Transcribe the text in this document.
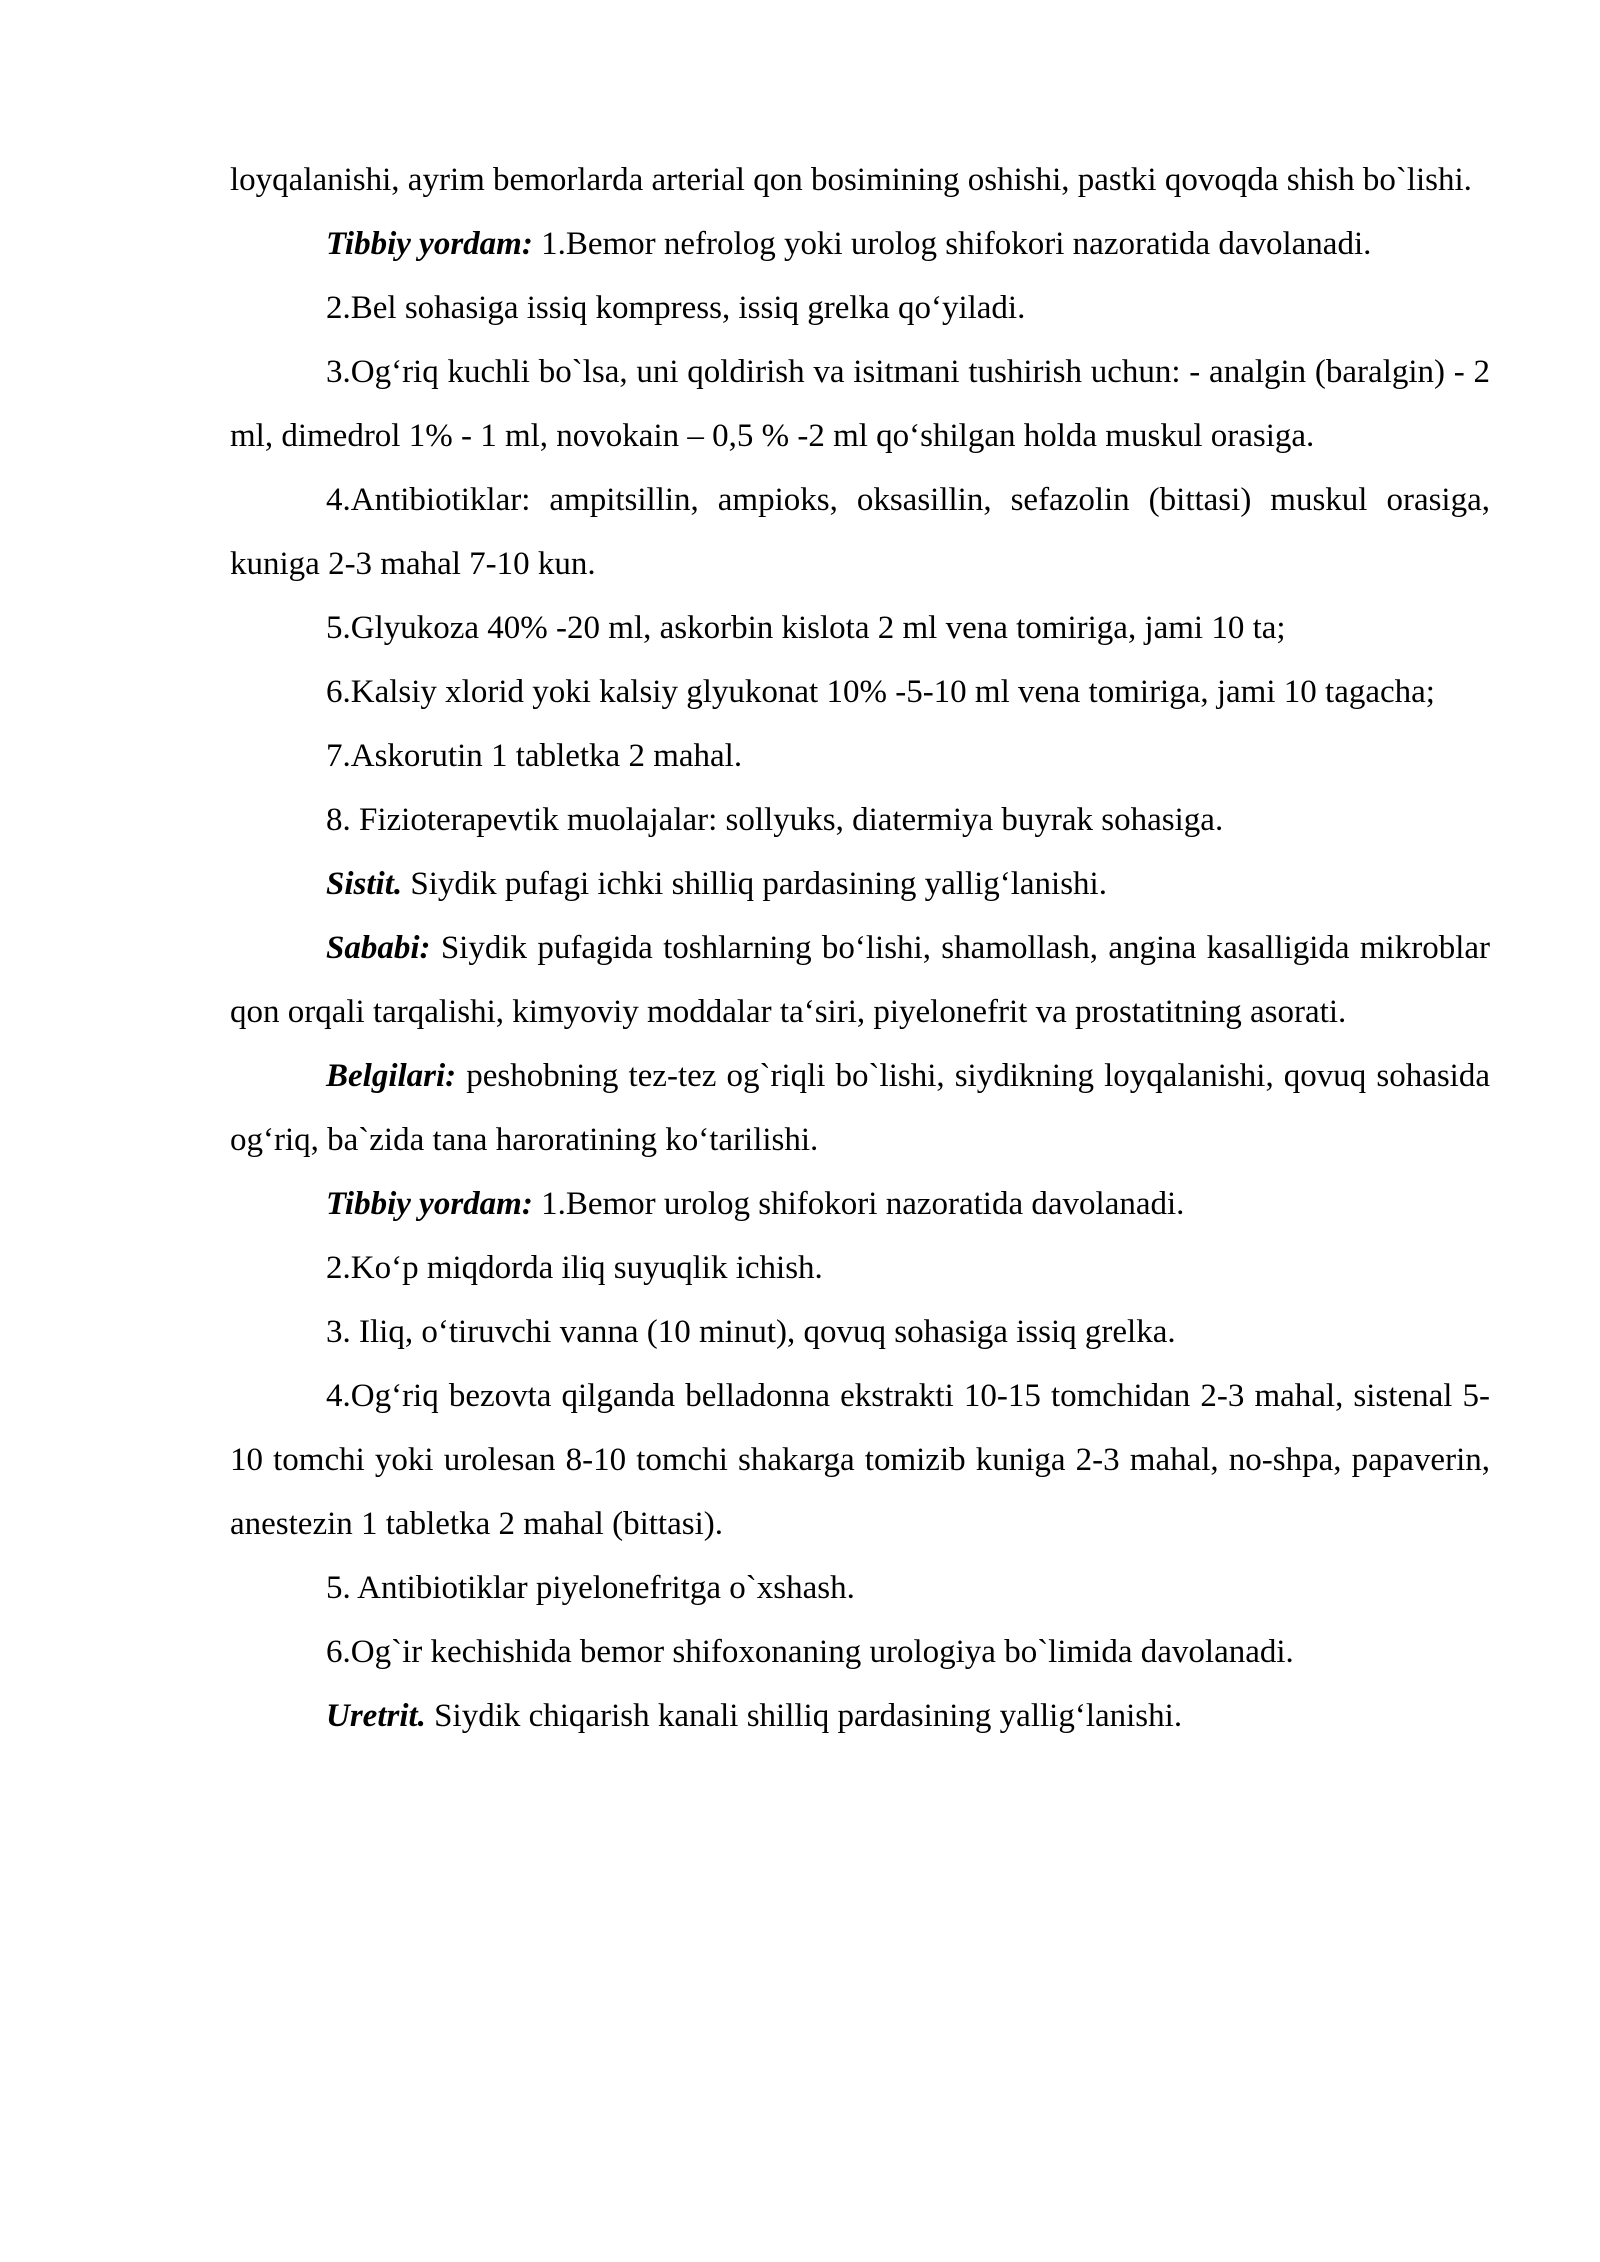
loyqalanishi, ayrim bemorlarda arterial qon bosimining oshishi, pastki qovoqda shish bo`lishi.

Tibbiy yordam: 1.Bemor nefrolog yoki urolog shifokori nazoratida davolanadi.

2.Bel sohasiga issiq kompress, issiq grelka qo‘yiladi.

3.Og‘riq kuchli bo`lsa, uni qoldirish va isitmani tushirish uchun: - analgin (baralgin) - 2 ml, dimedrol 1% - 1 ml, novokain – 0,5 % -2 ml qo‘shilgan holda muskul orasiga.

4.Antibiotiklar: ampitsillin, ampioks, oksasillin, sefazolin (bittasi) muskul orasiga, kuniga 2-3 mahal 7-10 kun.

5.Glyukoza 40% -20 ml, askorbin kislota 2 ml vena tomiriga, jami 10 ta;

6.Kalsiy xlorid yoki kalsiy glyukonat 10% -5-10 ml vena tomiriga, jami 10 tagacha;

7.Askorutin 1 tabletka 2 mahal.

8. Fizioterapevtik muolajalar: sollyuks, diatermiya buyrak sohasiga.

Sistit. Siydik pufagi ichki shilliq pardasining yallig‘lanishi.

Sababi: Siydik pufagida toshlarning bo‘lishi, shamollash, angina kasalligida mikroblar qon orqali tarqalishi, kimyoviy moddalar ta‘siri, piyelonefrit va prostatitning asorati.

Belgilari: peshobning tez-tez og`riqli bo`lishi, siydikning loyqalanishi, qovuq sohasida og‘riq, ba`zida tana haroratining ko‘tarilishi.

Tibbiy yordam: 1.Bemor urolog shifokori nazoratida davolanadi.

2.Ko‘p miqdorda iliq suyuqlik ichish.

3. Iliq, o‘tiruvchi vanna (10 minut), qovuq sohasiga issiq grelka.

4.Og‘riq bezovta qilganda belladonna ekstrakti 10-15 tomchidan 2-3 mahal, sistenal 5-10 tomchi yoki urolesan 8-10 tomchi shakarga tomizib kuniga 2-3 mahal, no-shpa, papaverin, anestezin 1 tabletka 2 mahal (bittasi).

5. Antibiotiklar piyelonefritga o`xshash.

6.Og`ir kechishida bemor shifoxonaning urologiya bo`limida davolanadi.

Uretrit. Siydik chiqarish kanali shilliq pardasining yallig‘lanishi.
